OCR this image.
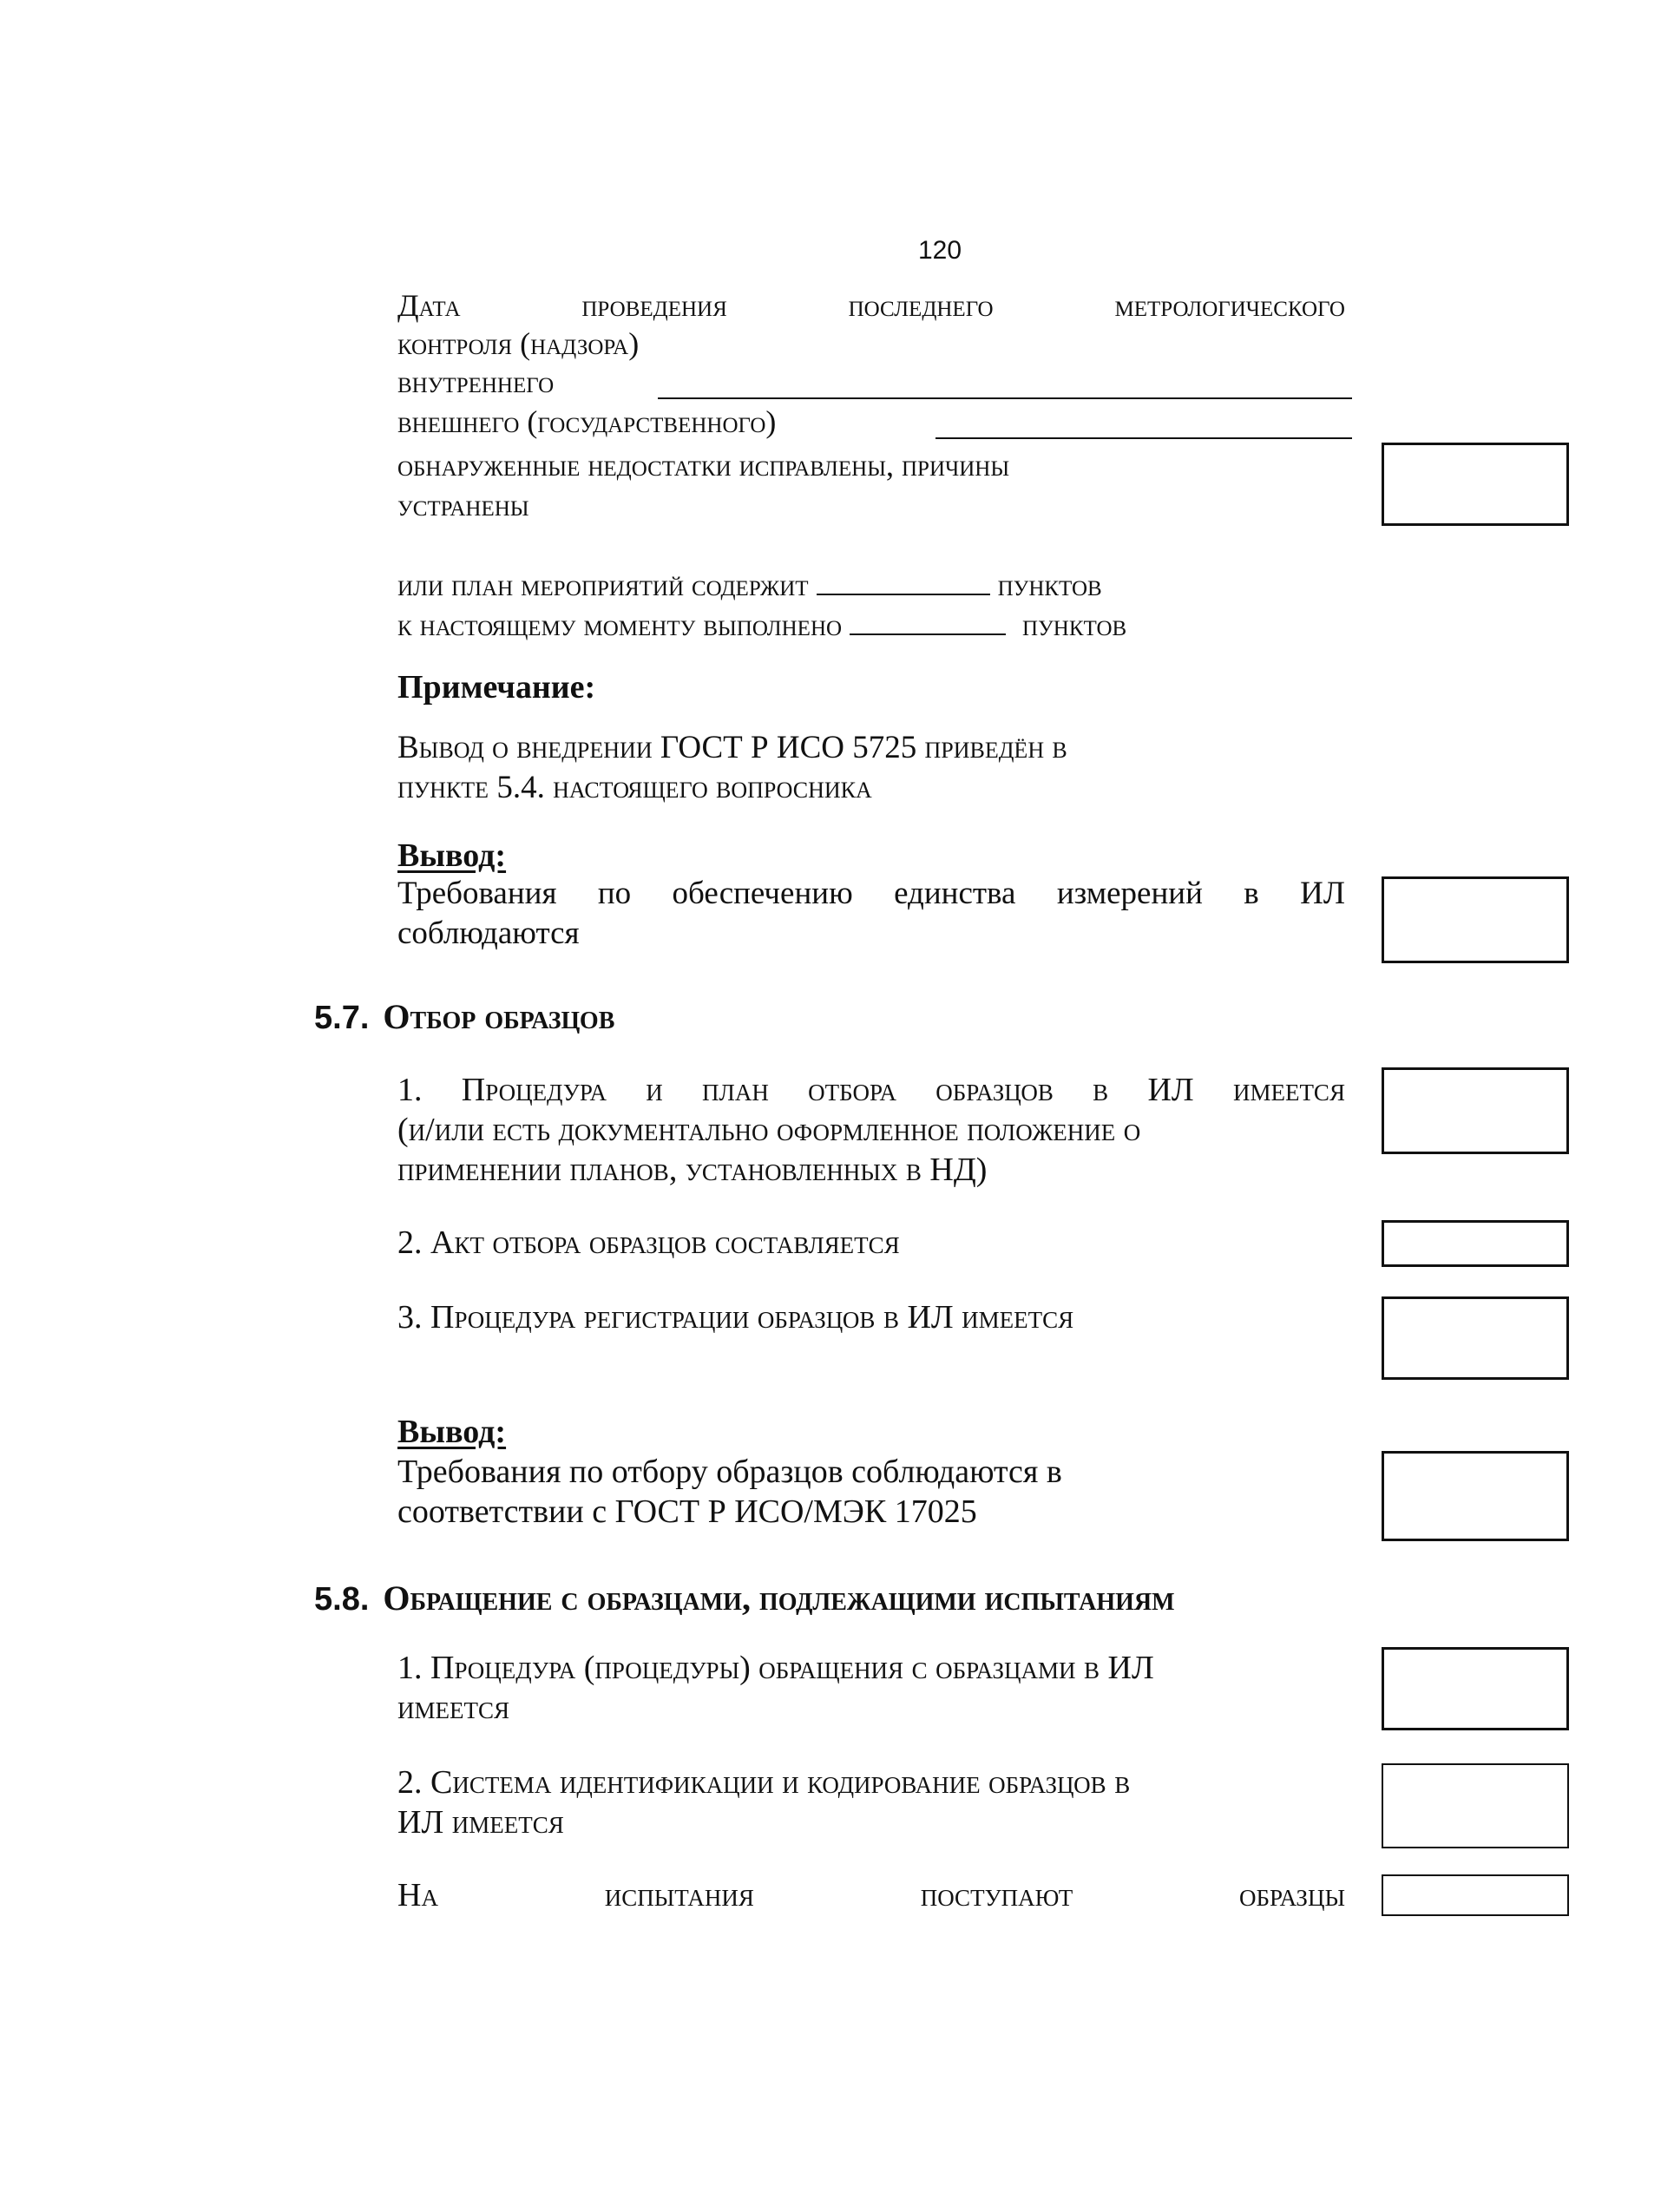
120
Дата	проведения	последнего	метрологического
контроля (надзора)
внутреннего
внешнего (государственного)
обнаруженные недостатки исправлены, причины
устранены
или план мероприятий содержит	пунктов
к настоящему моменту выполнено	пунктов
Примечание:
Вывод о внедрении ГОСТ Р ИСО 5725 приведён в
пункте 5.4. настоящего вопросника
Вывод:
Требования по обеспечению единства измерений в ИЛ
соблюдаются
5.7. Отбор образцов
1. Процедура и план отбора образцов в ИЛ имеется
(и/или есть документально оформленное положение о
применении планов, установленных в НД)
2. Акт отбора образцов составляется
3. Процедура регистрации образцов в ИЛ имеется
Вывод:
Требования по отбору образцов соблюдаются в
соответствии с ГОСТ Р ИСО/МЭК 17025
5.8. Обращение с образцами, подлежащими испытаниям
1. Процедура (процедуры) обращения с образцами в ИЛ
имеется
2. Система идентификации и кодирование образцов в
ИЛ имеется
На	испытания	поступают	образцы
